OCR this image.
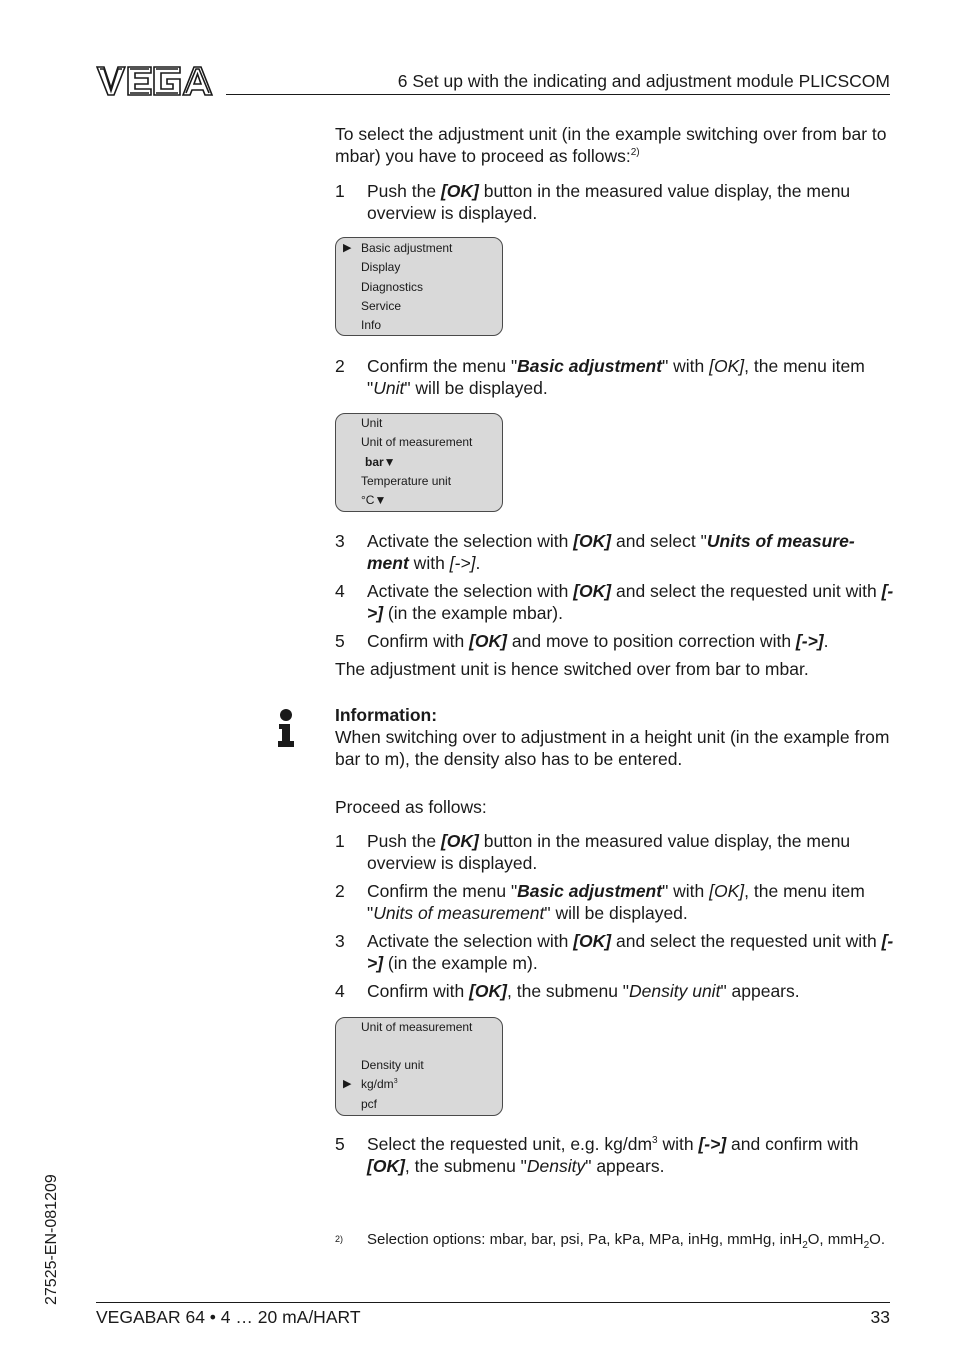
6 Set up with the indicating and adjustment module PLICSCOM
To select the adjustment unit (in the example switching over from bar to mbar) you have to proceed as follows:$^{2)}$
1	Push the [OK] button in the measured value display, the menu overview is displayed.
▶ Basic adjustment
Display
Diagnostics
Service
Info
2	Confirm the menu "Basic adjustment" with [OK], the menu item "Unit" will be displayed.
Unit
Unit of measurement
bar▼
Temperature unit
°C▼
3	Activate the selection with [OK] and select "Units of measure-ment with [->].
4	Activate the selection with [OK] and select the requested unit with [->] (in the example mbar).
5	Confirm with [OK] and move to position correction with [->].
The adjustment unit is hence switched over from bar to mbar.
Information:
When switching over to adjustment in a height unit (in the example from bar to m), the density also has to be entered.
Proceed as follows:
1	Push the [OK] button in the measured value display, the menu overview is displayed.
2	Confirm the menu "Basic adjustment" with [OK], the menu item "Units of measurement" will be displayed.
3	Activate the selection with [OK] and select the requested unit with [->] (in the example m).
4	Confirm with [OK], the submenu "Density unit" appears.
Unit of measurement
Density unit
▶ $kg/dm^3$
pcf
5	Select the requested unit, e.g. $kg/dm^3$ with [->] and confirm with [OK], the submenu "Density" appears.
2) Selection options: mbar, bar, psi, Pa, kPa, MPa, inHg, mmHg, inH$_2$O, mmH$_2$O.
27525-EN-081209
VEGABAR 64 • 4 … 20 mA/HART	33
